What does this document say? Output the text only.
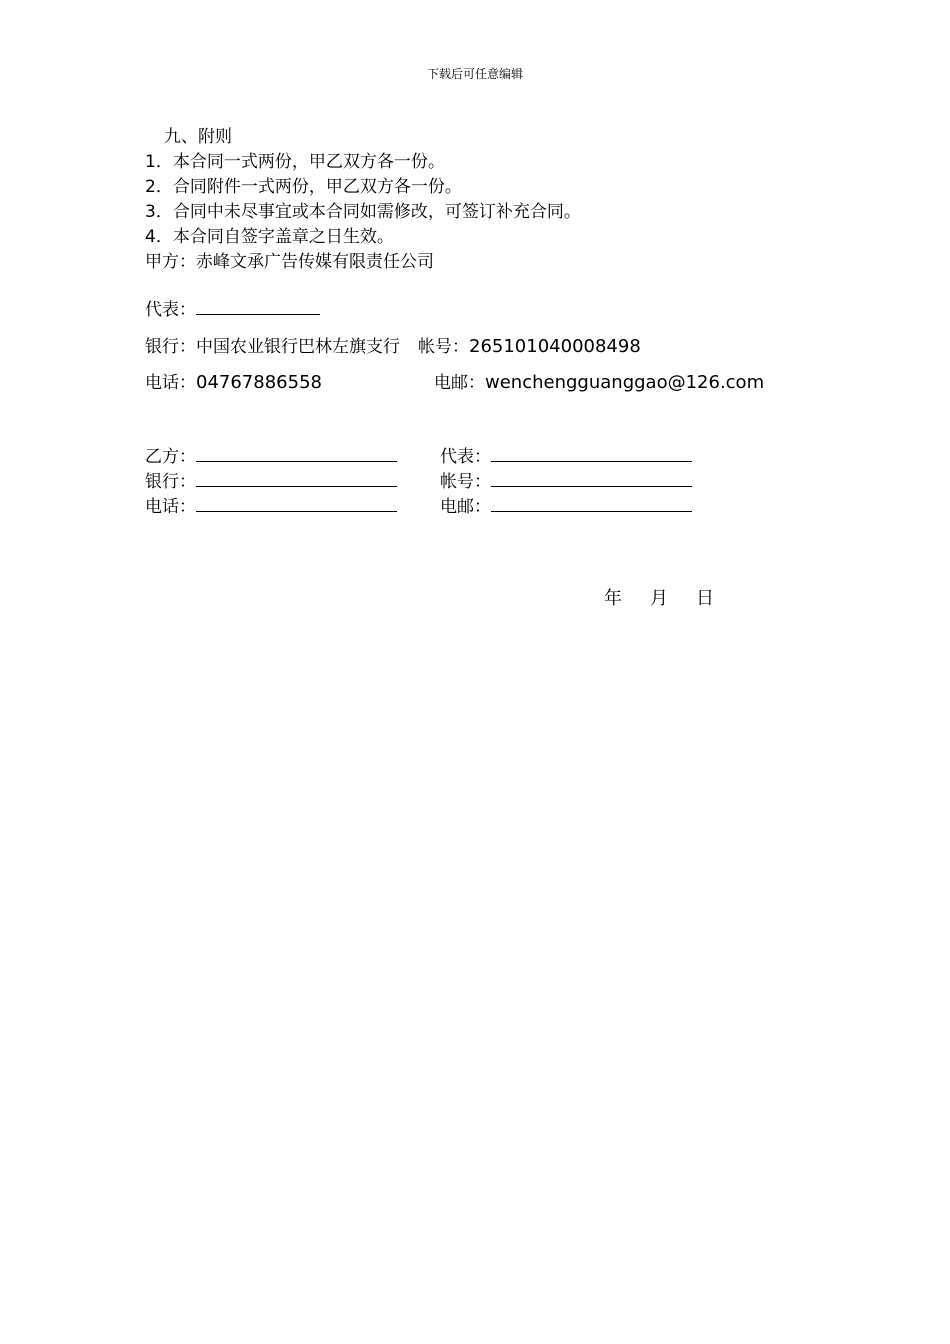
下载后可任意编辑
九、附则
1．本合同一式两份，甲乙双方各一份。
2．合同附件一式两份，甲乙双方各一份。
3．合同中未尽事宜或本合同如需修改，可签订补充合同。
4．本合同自签字盖章之日生效。
甲方：赤峰文承广告传媒有限责任公司
代表：
银行：中国农业银行巴林左旗支行 帐号：265101040008498
电话：04767886558	电邮：wenchengguanggao@126.com
乙方：	代表：
银行：	帐号：
电话：	电邮：
年 月 日
